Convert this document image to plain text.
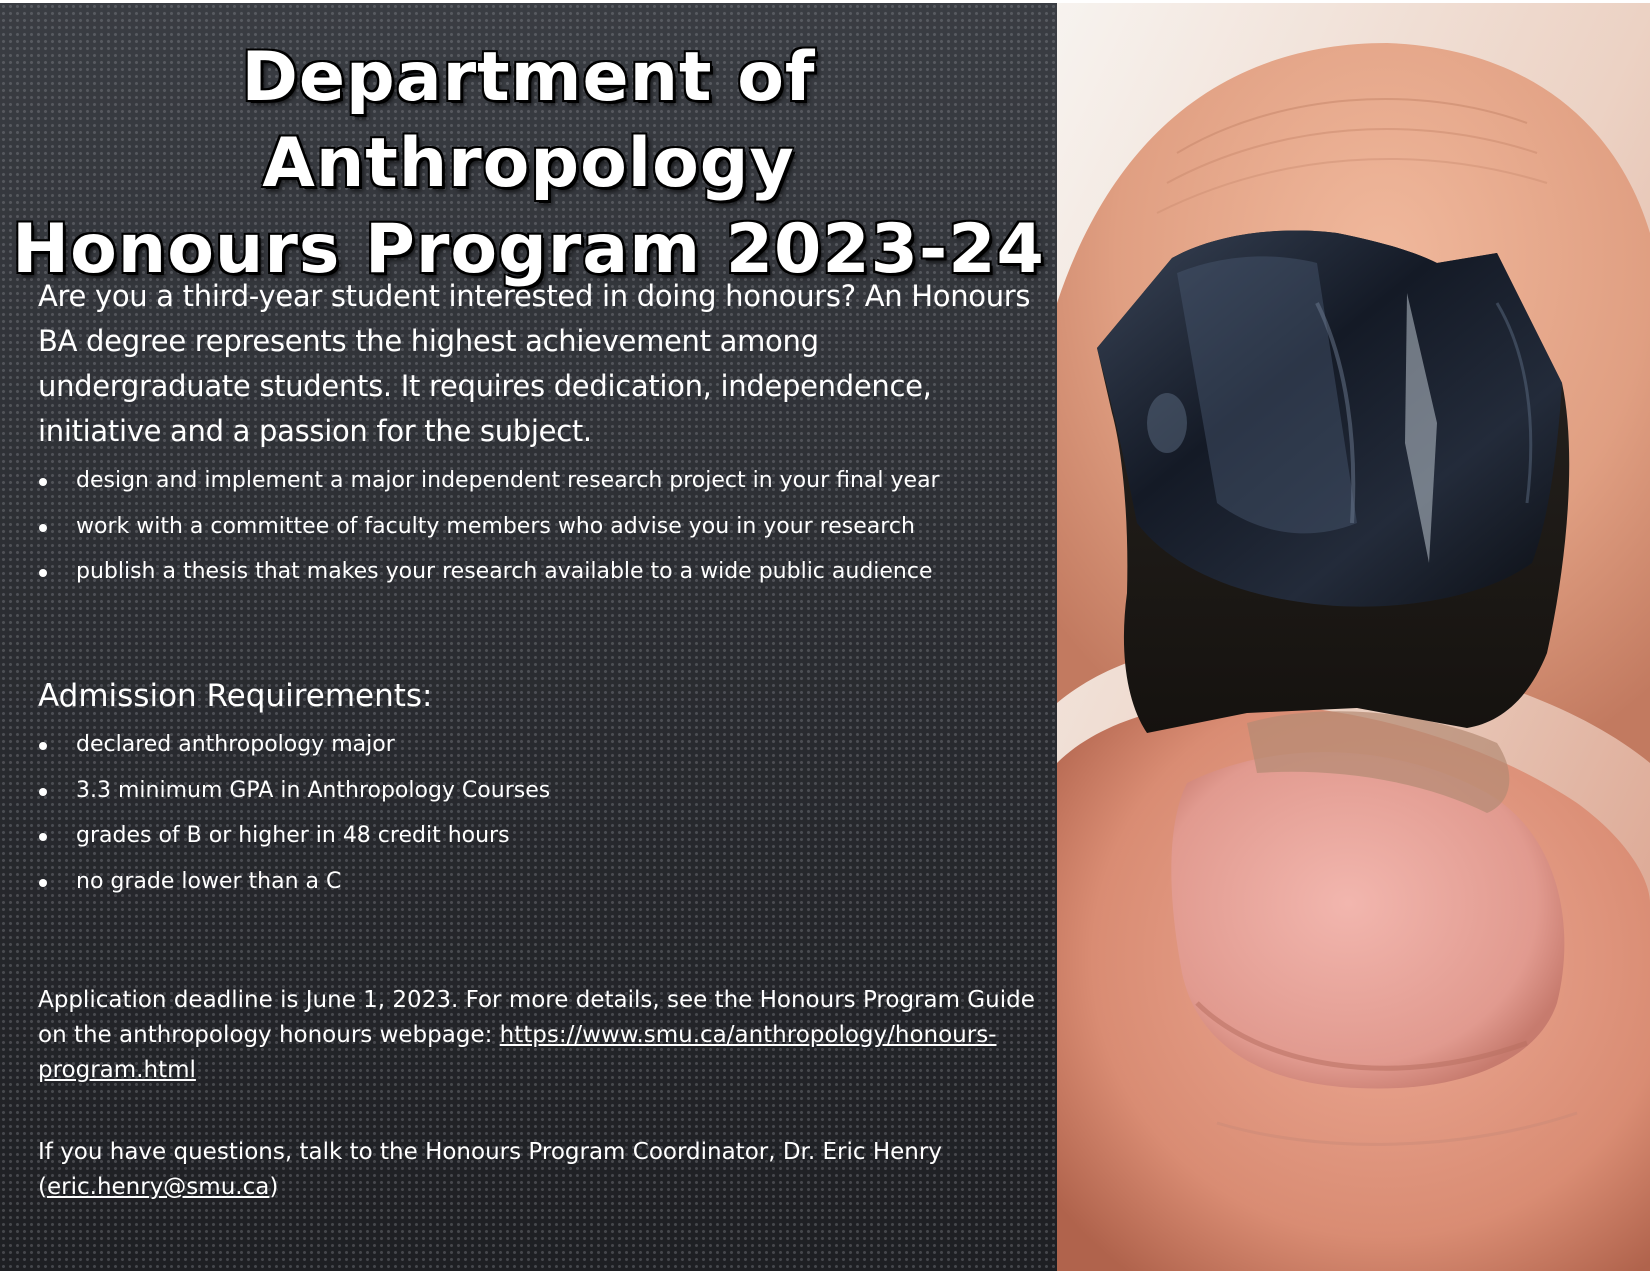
Department of Anthropology
Honours Program 2023-24

Are you a third-year student interested in doing honours? An Honours BA degree represents the highest achievement among undergraduate students. It requires dedication, independence, initiative and a passion for the subject.

design and implement a major independent research project in your final year
work with a committee of faculty members who advise you in your research
publish a thesis that makes your research available to a wide public audience
Admission Requirements:
declared anthropology major
3.3 minimum GPA in Anthropology Courses
grades of B or higher in 48 credit hours
no grade lower than a C

Application deadline is June 1, 2023. For more details, see the Honours Program Guide on the anthropology honours webpage: https://www.smu.ca/anthropology/honours-program.html

If you have questions, talk to the Honours Program Coordinator, Dr. Eric Henry (eric.henry@smu.ca)
